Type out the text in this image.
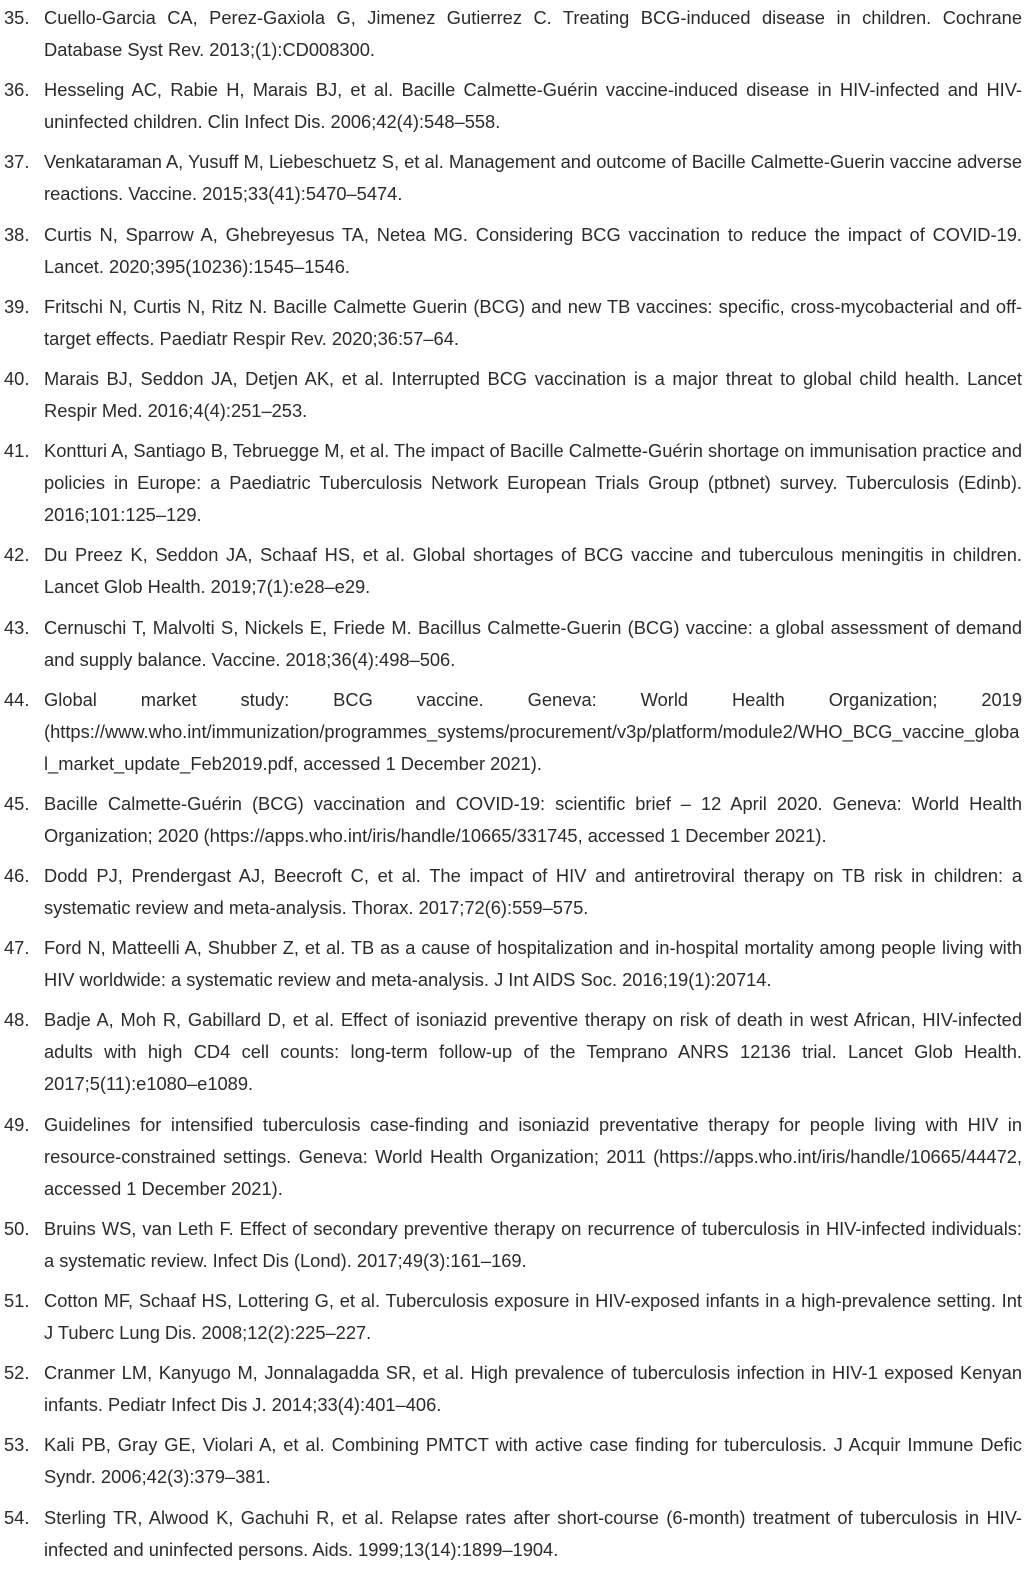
35. Cuello-Garcia CA, Perez-Gaxiola G, Jimenez Gutierrez C. Treating BCG-induced disease in children. Cochrane Database Syst Rev. 2013;(1):CD008300.
36. Hesseling AC, Rabie H, Marais BJ, et al. Bacille Calmette-Guérin vaccine-induced disease in HIV-infected and HIV-uninfected children. Clin Infect Dis. 2006;42(4):548–558.
37. Venkataraman A, Yusuff M, Liebeschuetz S, et al. Management and outcome of Bacille Calmette-Guerin vaccine adverse reactions. Vaccine. 2015;33(41):5470–5474.
38. Curtis N, Sparrow A, Ghebreyesus TA, Netea MG. Considering BCG vaccination to reduce the impact of COVID-19. Lancet. 2020;395(10236):1545–1546.
39. Fritschi N, Curtis N, Ritz N. Bacille Calmette Guerin (BCG) and new TB vaccines: specific, cross-mycobacterial and off-target effects. Paediatr Respir Rev. 2020;36:57–64.
40. Marais BJ, Seddon JA, Detjen AK, et al. Interrupted BCG vaccination is a major threat to global child health. Lancet Respir Med. 2016;4(4):251–253.
41. Kontturi A, Santiago B, Tebruegge M, et al. The impact of Bacille Calmette-Guérin shortage on immunisation practice and policies in Europe: a Paediatric Tuberculosis Network European Trials Group (ptbnet) survey. Tuberculosis (Edinb). 2016;101:125–129.
42. Du Preez K, Seddon JA, Schaaf HS, et al. Global shortages of BCG vaccine and tuberculous meningitis in children. Lancet Glob Health. 2019;7(1):e28–e29.
43. Cernuschi T, Malvolti S, Nickels E, Friede M. Bacillus Calmette-Guerin (BCG) vaccine: a global assessment of demand and supply balance. Vaccine. 2018;36(4):498–506.
44. Global market study: BCG vaccine. Geneva: World Health Organization; 2019 (https://www.who.int/immunization/programmes_systems/procurement/v3p/platform/module2/WHO_BCG_vaccine_global_market_update_Feb2019.pdf, accessed 1 December 2021).
45. Bacille Calmette-Guérin (BCG) vaccination and COVID-19: scientific brief – 12 April 2020. Geneva: World Health Organization; 2020 (https://apps.who.int/iris/handle/10665/331745, accessed 1 December 2021).
46. Dodd PJ, Prendergast AJ, Beecroft C, et al. The impact of HIV and antiretroviral therapy on TB risk in children: a systematic review and meta-analysis. Thorax. 2017;72(6):559–575.
47. Ford N, Matteelli A, Shubber Z, et al. TB as a cause of hospitalization and in-hospital mortality among people living with HIV worldwide: a systematic review and meta-analysis. J Int AIDS Soc. 2016;19(1):20714.
48. Badje A, Moh R, Gabillard D, et al. Effect of isoniazid preventive therapy on risk of death in west African, HIV-infected adults with high CD4 cell counts: long-term follow-up of the Temprano ANRS 12136 trial. Lancet Glob Health. 2017;5(11):e1080–e1089.
49. Guidelines for intensified tuberculosis case-finding and isoniazid preventative therapy for people living with HIV in resource-constrained settings. Geneva: World Health Organization; 2011 (https://apps.who.int/iris/handle/10665/44472, accessed 1 December 2021).
50. Bruins WS, van Leth F. Effect of secondary preventive therapy on recurrence of tuberculosis in HIV-infected individuals: a systematic review. Infect Dis (Lond). 2017;49(3):161–169.
51. Cotton MF, Schaaf HS, Lottering G, et al. Tuberculosis exposure in HIV-exposed infants in a high-prevalence setting. Int J Tuberc Lung Dis. 2008;12(2):225–227.
52. Cranmer LM, Kanyugo M, Jonnalagadda SR, et al. High prevalence of tuberculosis infection in HIV-1 exposed Kenyan infants. Pediatr Infect Dis J. 2014;33(4):401–406.
53. Kali PB, Gray GE, Violari A, et al. Combining PMTCT with active case finding for tuberculosis. J Acquir Immune Defic Syndr. 2006;42(3):379–381.
54. Sterling TR, Alwood K, Gachuhi R, et al. Relapse rates after short-course (6-month) treatment of tuberculosis in HIV-infected and uninfected persons. Aids. 1999;13(14):1899–1904.
